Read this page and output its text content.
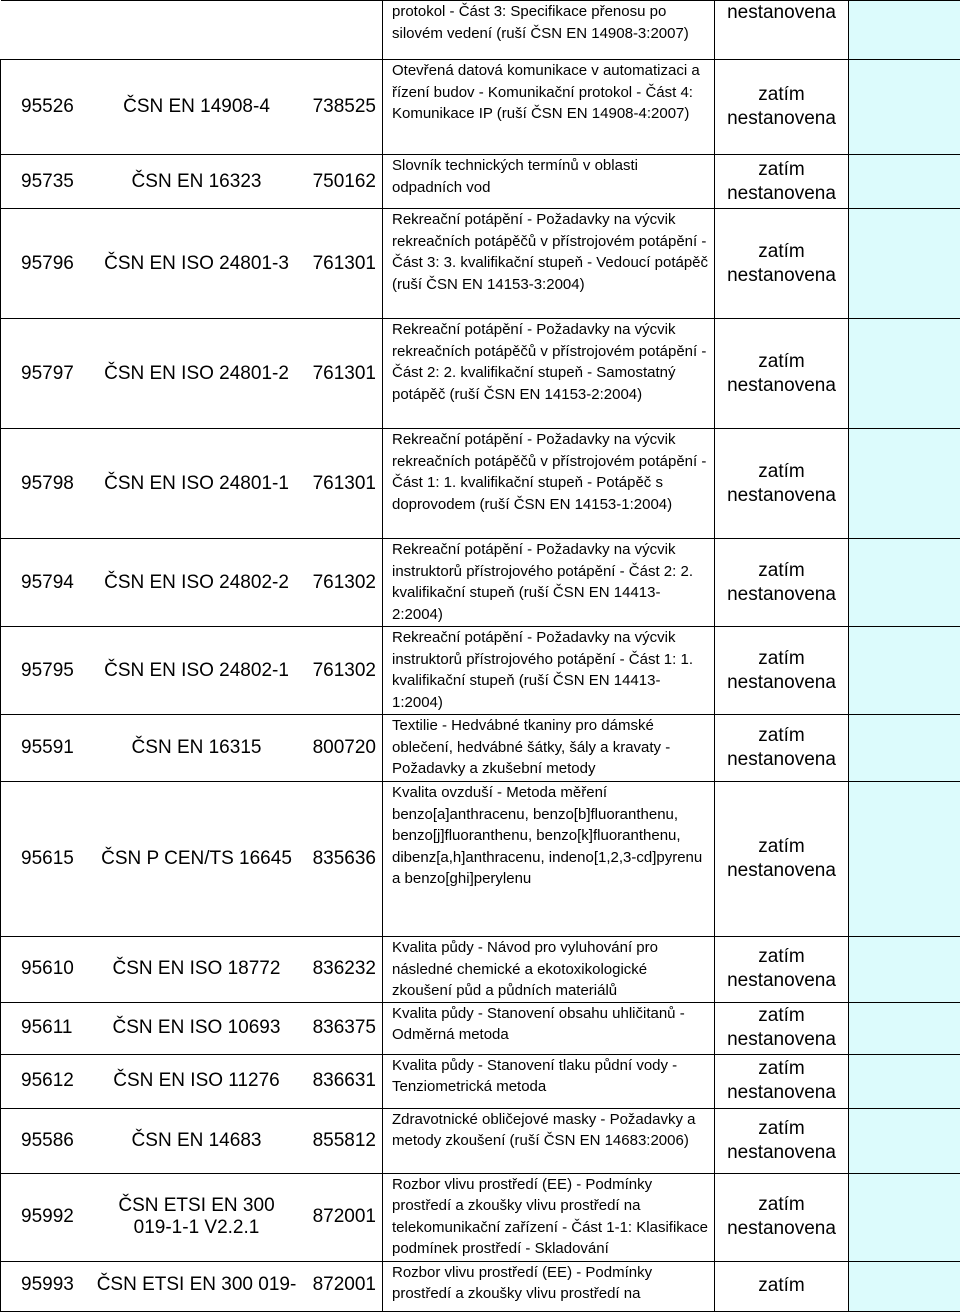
			protokol - Část 3: Specifikace přenosu po silovém vedení (ruší ČSN EN 14908-3:2007)	nestanovena	
95526	ČSN EN 14908-4	738525	Otevřená datová komunikace v automatizaci a řízení budov - Komunikační protokol - Část 4: Komunikace IP (ruší ČSN EN 14908-4:2007)	zatím nestanovena	
95735	ČSN EN 16323	750162	Slovník technických termínů v oblasti odpadních vod	zatím nestanovena	
95796	ČSN EN ISO 24801-3	761301	Rekreační potápění - Požadavky na výcvik rekreačních potápěčů v přístrojovém potápění - Část 3: 3. kvalifikační stupeň - Vedoucí potápěč (ruší ČSN EN 14153-3:2004)	zatím nestanovena	
95797	ČSN EN ISO 24801-2	761301	Rekreační potápění - Požadavky na výcvik rekreačních potápěčů v přístrojovém potápění - Část 2: 2. kvalifikační stupeň - Samostatný potápěč (ruší ČSN EN 14153-2:2004)	zatím nestanovena	
95798	ČSN EN ISO 24801-1	761301	Rekreační potápění - Požadavky na výcvik rekreačních potápěčů v přístrojovém potápění - Část 1: 1. kvalifikační stupeň - Potápěč s doprovodem (ruší ČSN EN 14153-1:2004)	zatím nestanovena	
95794	ČSN EN ISO 24802-2	761302	Rekreační potápění - Požadavky na výcvik instruktorů přístrojového potápění - Část 2: 2. kvalifikační stupeň (ruší ČSN EN 14413-2:2004)	zatím nestanovena	
95795	ČSN EN ISO 24802-1	761302	Rekreační potápění - Požadavky na výcvik instruktorů přístrojového potápění - Část 1: 1. kvalifikační stupeň (ruší ČSN EN 14413-1:2004)	zatím nestanovena	
95591	ČSN EN 16315	800720	Textilie - Hedvábné tkaniny pro dámské oblečení, hedvábné šátky, šály a kravaty - Požadavky a zkušební metody	zatím nestanovena	
95615	ČSN P CEN/TS 16645	835636	Kvalita ovzduší - Metoda měření benzo[a]anthracenu, benzo[b]fluoranthenu, benzo[j]fluoranthenu, benzo[k]fluoranthenu, dibenz[a,h]anthracenu, indeno[1,2,3-cd]pyrenu a benzo[ghi]perylenu	zatím nestanovena	
95610	ČSN EN ISO 18772	836232	Kvalita půdy - Návod pro vyluhování pro následné chemické a ekotoxikologické zkoušení půd a půdních materiálů	zatím nestanovena	
95611	ČSN EN ISO 10693	836375	Kvalita půdy - Stanovení obsahu uhličitanů - Odměrná metoda	zatím nestanovena	
95612	ČSN EN ISO 11276	836631	Kvalita půdy - Stanovení tlaku půdní vody - Tenziometrická metoda	zatím nestanovena	
95586	ČSN EN 14683	855812	Zdravotnické obličejové masky - Požadavky a metody zkoušení (ruší ČSN EN 14683:2006)	zatím nestanovena	
95992	ČSN ETSI EN 300 019-1-1 V2.2.1	872001	Rozbor vlivu prostředí (EE) - Podmínky prostředí a zkoušky vlivu prostředí na telekomunikační zařízení - Část 1-1: Klasifikace podmínek prostředí - Skladování	zatím nestanovena	
95993	ČSN ETSI EN 300 019-	872001	Rozbor vlivu prostředí (EE) - Podmínky prostředí a zkoušky vlivu prostředí na	zatím	
